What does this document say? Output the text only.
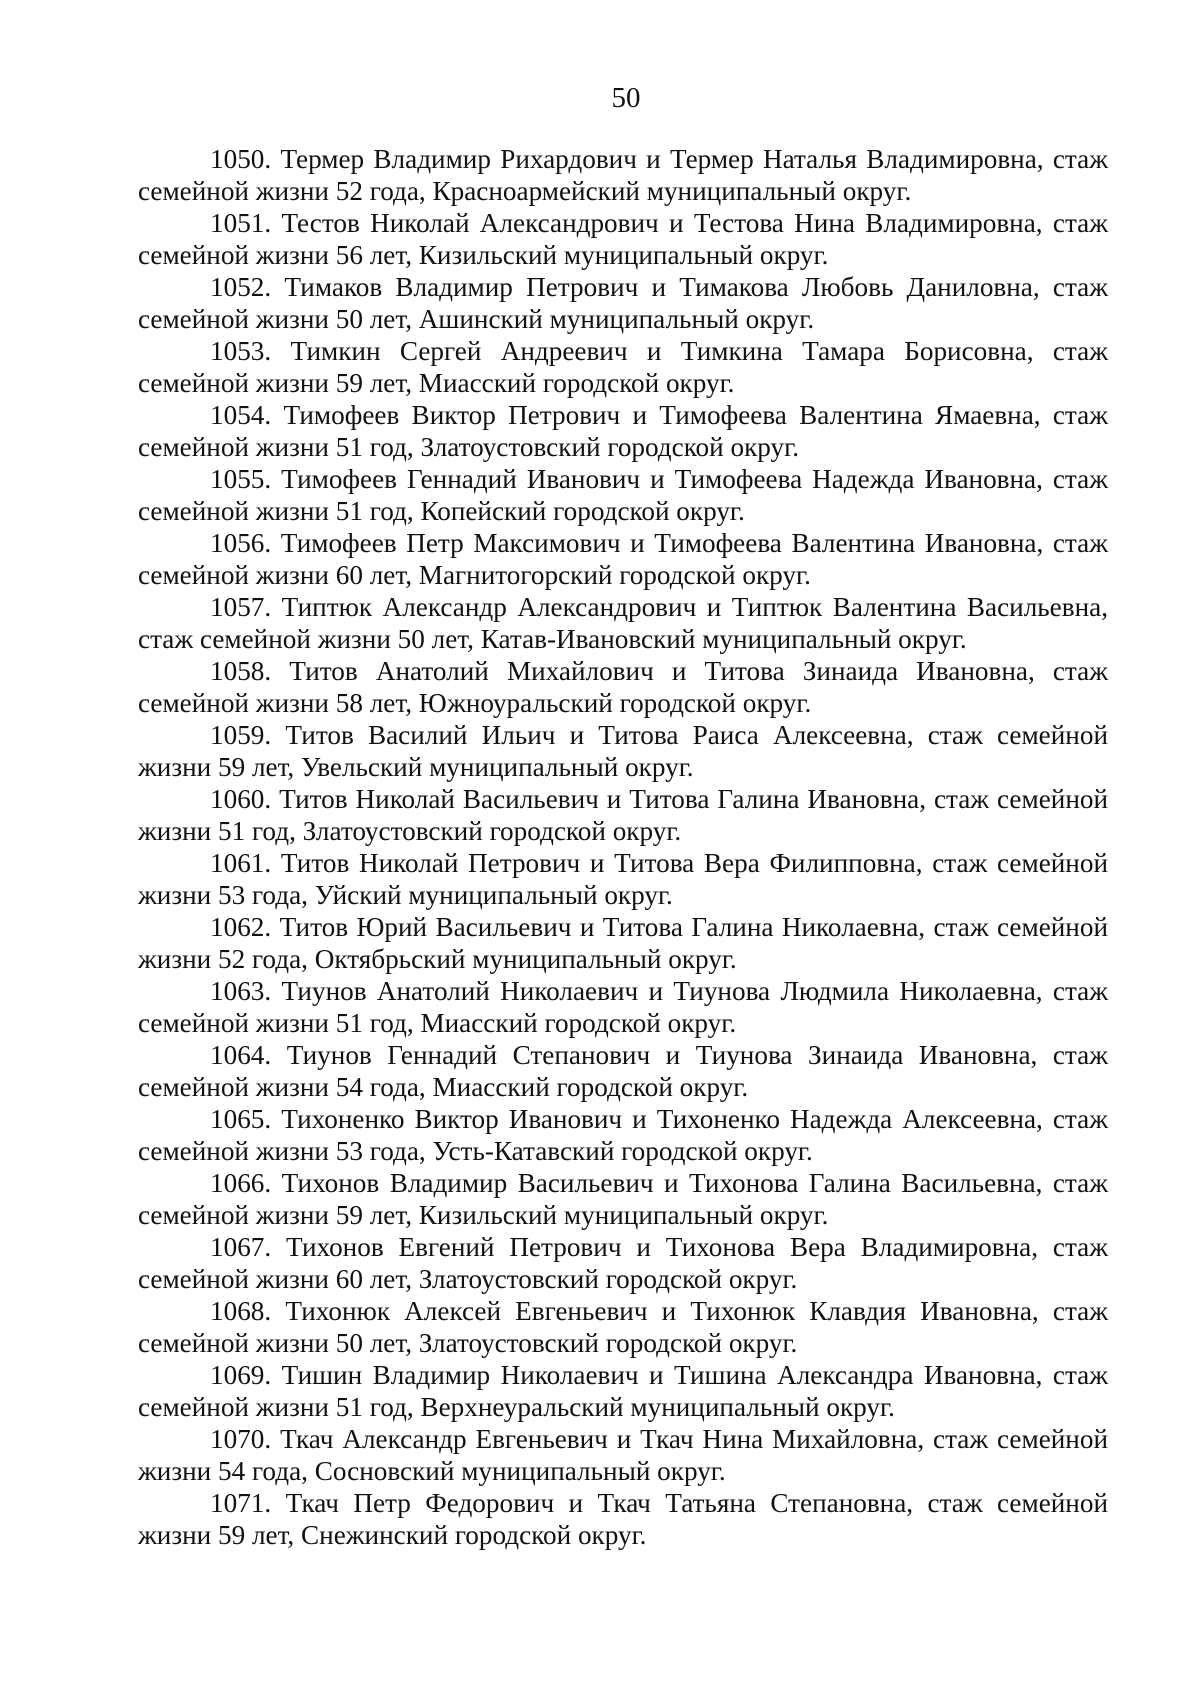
50

1050. Термер Владимир Рихардович и Термер Наталья Владимировна, стаж семейной жизни 52 года, Красноармейский муниципальный округ.

1051. Тестов Николай Александрович и Тестова Нина Владимировна, стаж семейной жизни 56 лет, Кизильский муниципальный округ.

1052. Тимаков Владимир Петрович и Тимакова Любовь Даниловна, стаж семейной жизни 50 лет, Ашинский муниципальный округ.

1053. Тимкин Сергей Андреевич и Тимкина Тамара Борисовна, стаж семейной жизни 59 лет, Миасский городской округ.

1054. Тимофеев Виктор Петрович и Тимофеева Валентина Ямаевна, стаж семейной жизни 51 год, Златоустовский городской округ.

1055. Тимофеев Геннадий Иванович и Тимофеева Надежда Ивановна, стаж семейной жизни 51 год, Копейский городской округ.

1056. Тимофеев Петр Максимович и Тимофеева Валентина Ивановна, стаж семейной жизни 60 лет, Магнитогорский городской округ.

1057. Типтюк Александр Александрович и Типтюк Валентина Васильевна, стаж семейной жизни 50 лет, Катав-Ивановский муниципальный округ.

1058. Титов Анатолий Михайлович и Титова Зинаида Ивановна, стаж семейной жизни 58 лет, Южноуральский городской округ.

1059. Титов Василий Ильич и Титова Раиса Алексеевна, стаж семейной жизни 59 лет, Увельский муниципальный округ.

1060. Титов Николай Васильевич и Титова Галина Ивановна, стаж семейной жизни 51 год, Златоустовский городской округ.

1061. Титов Николай Петрович и Титова Вера Филипповна, стаж семейной жизни 53 года, Уйский муниципальный округ.

1062. Титов Юрий Васильевич и Титова Галина Николаевна, стаж семейной жизни 52 года, Октябрьский муниципальный округ.

1063. Тиунов Анатолий Николаевич и Тиунова Людмила Николаевна, стаж семейной жизни 51 год, Миасский городской округ.

1064. Тиунов Геннадий Степанович и Тиунова Зинаида Ивановна, стаж семейной жизни 54 года, Миасский городской округ.

1065. Тихоненко Виктор Иванович и Тихоненко Надежда Алексеевна, стаж семейной жизни 53 года, Усть-Катавский городской округ.

1066. Тихонов Владимир Васильевич и Тихонова Галина Васильевна, стаж семейной жизни 59 лет, Кизильский муниципальный округ.

1067. Тихонов Евгений Петрович и Тихонова Вера Владимировна, стаж семейной жизни 60 лет, Златоустовский городской округ.

1068. Тихонюк Алексей Евгеньевич и Тихонюк Клавдия Ивановна, стаж семейной жизни 50 лет, Златоустовский городской округ.

1069. Тишин Владимир Николаевич и Тишина Александра Ивановна, стаж семейной жизни 51 год, Верхнеуральский муниципальный округ.

1070. Ткач Александр Евгеньевич и Ткач Нина Михайловна, стаж семейной жизни 54 года, Сосновский муниципальный округ.

1071. Ткач Петр Федорович и Ткач Татьяна Степановна, стаж семейной жизни 59 лет, Снежинский городской округ.
